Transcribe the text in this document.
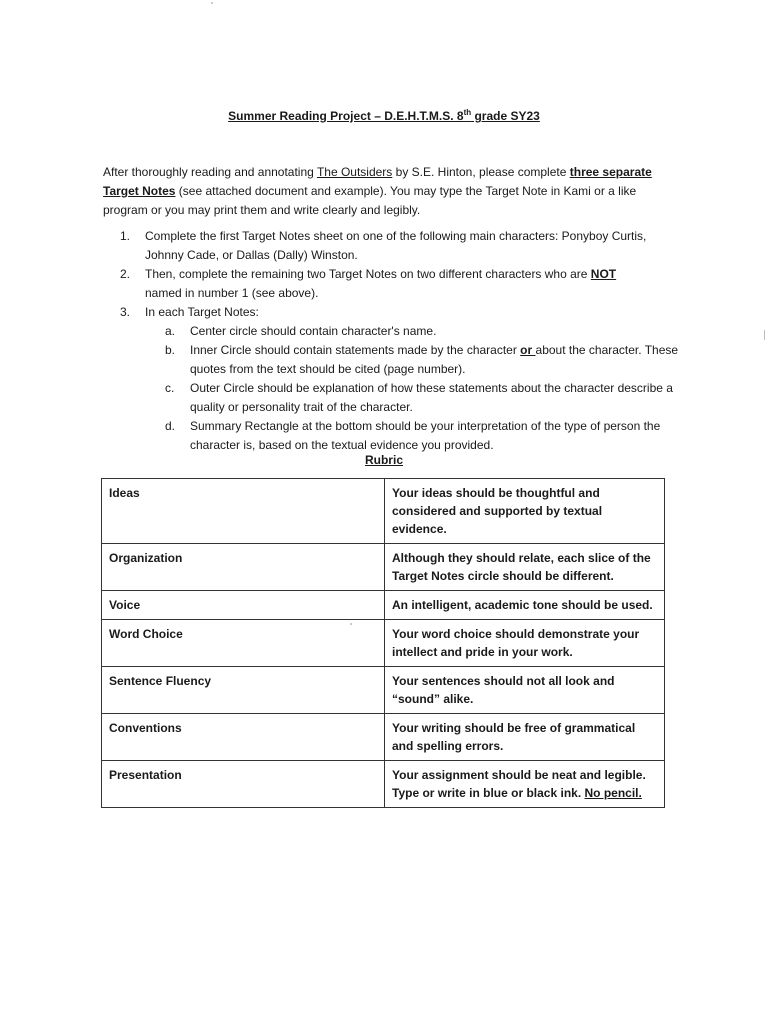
Summer Reading Project – D.E.H.T.M.S. 8th grade SY23
After thoroughly reading and annotating The Outsiders by S.E. Hinton, please complete three separate
Target Notes (see attached document and example). You may type the Target Note in Kami or a like program or you may print them and write clearly and legibly.
1. Complete the first Target Notes sheet on one of the following main characters: Ponyboy Curtis, Johnny Cade, or Dallas (Dally) Winston.
2. Then, complete the remaining two Target Notes on two different characters who are NOT
named in number 1 (see above).
3. In each Target Notes:
a. Center circle should contain character's name.
b. Inner Circle should contain statements made by the character or about the character. These quotes from the text should be cited (page number).
c. Outer Circle should be explanation of how these statements about the character describe a quality or personality trait of the character.
d. Summary Rectangle at the bottom should be your interpretation of the type of person the character is, based on the textual evidence you provided.
Rubric
Ideas	Your ideas should be thoughtful and considered and supported by textual evidence.
Organization	Although they should relate, each slice of the Target Notes circle should be different.
Voice	An intelligent, academic tone should be used.
Word Choice	Your word choice should demonstrate your intellect and pride in your work.
Sentence Fluency	Your sentences should not all look and “sound” alike.
Conventions	Your writing should be free of grammatical and spelling errors.
Presentation	Your assignment should be neat and legible. Type or write in blue or black ink. No pencil.
